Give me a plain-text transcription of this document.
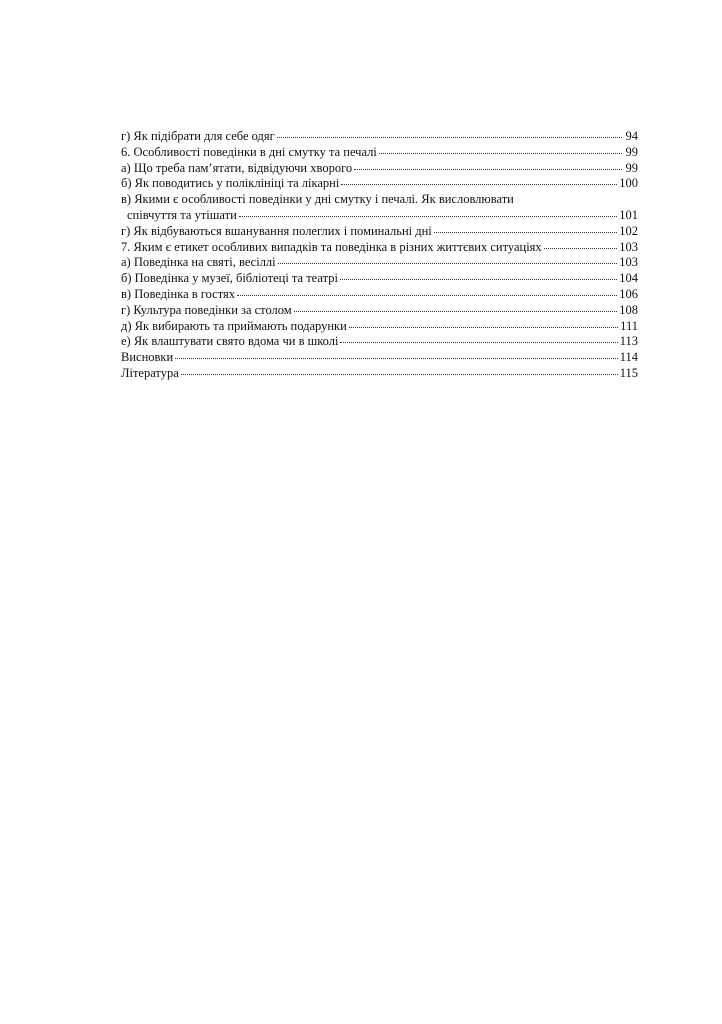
г) Як підібрати для себе одяг	94
6. Особливості поведінки в дні смутку та печалі	99
а) Що треба пам’ятати, відвідуючи хворого	99
б) Як поводитись у поліклініці та лікарні	100
в) Якими є особливості поведінки у дні смутку і печалі. Як висловлювати
співчуття та утішати	101
г) Як відбуваються вшанування полеглих і поминальні дні	102
7. Яким є етикет особливих випадків та поведінка в різних життєвих ситуаціях	103
а) Поведінка на святі, весіллі	103
б) Поведінка у музеї, бібліотеці та театрі	104
в) Поведінка в гостях	106
г) Культура поведінки за столом	108
д) Як вибирають та приймають подарунки	111
е) Як влаштувати свято вдома чи в школі	113
Висновки	114
Література	115
